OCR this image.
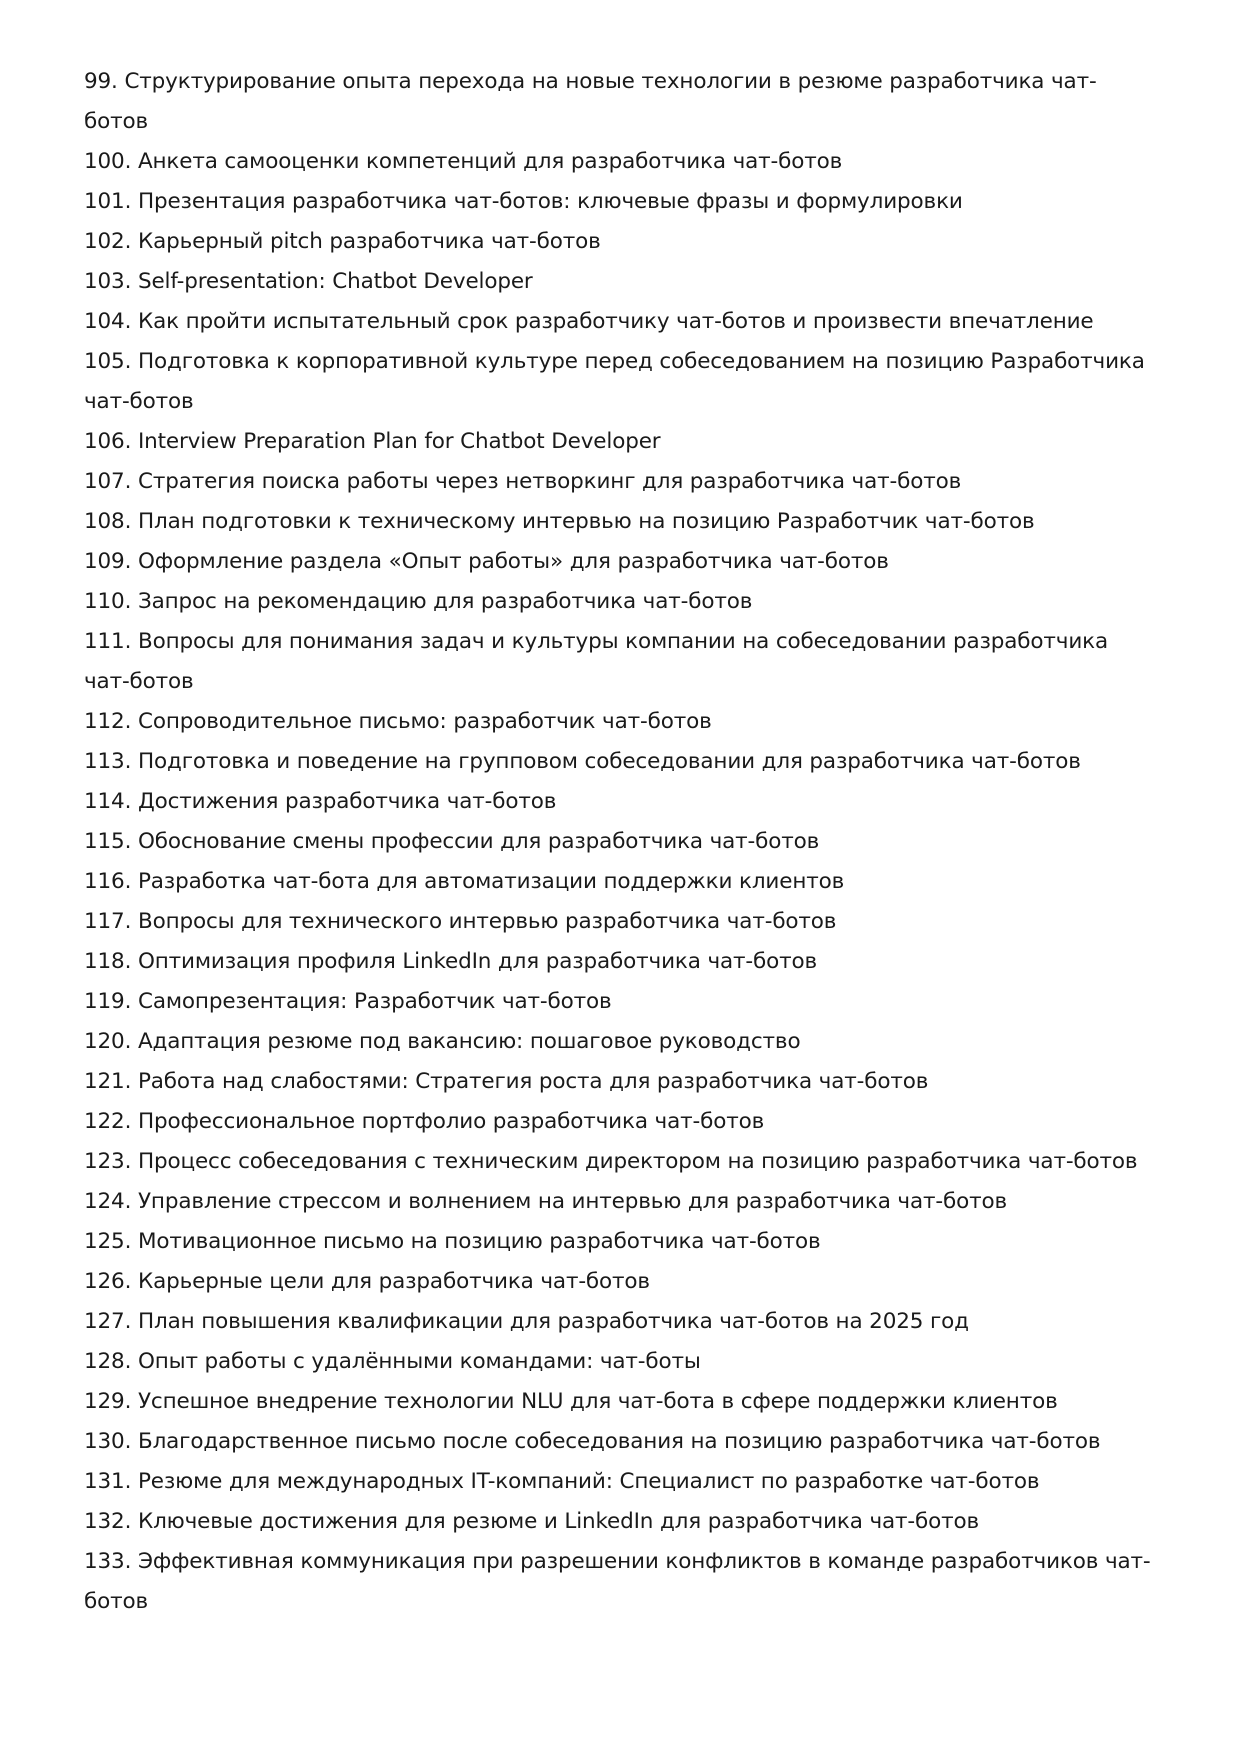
99. Структурирование опыта перехода на новые технологии в резюме разработчика чат-ботов
100. Анкета самооценки компетенций для разработчика чат-ботов
101. Презентация разработчика чат-ботов: ключевые фразы и формулировки
102. Карьерный pitch разработчика чат-ботов
103. Self-presentation: Chatbot Developer
104. Как пройти испытательный срок разработчику чат-ботов и произвести впечатление
105. Подготовка к корпоративной культуре перед собеседованием на позицию Разработчика чат-ботов
106. Interview Preparation Plan for Chatbot Developer
107. Стратегия поиска работы через нетворкинг для разработчика чат-ботов
108. План подготовки к техническому интервью на позицию Разработчик чат-ботов
109. Оформление раздела «Опыт работы» для разработчика чат-ботов
110. Запрос на рекомендацию для разработчика чат-ботов
111. Вопросы для понимания задач и культуры компании на собеседовании разработчика чат-ботов
112. Сопроводительное письмо: разработчик чат-ботов
113. Подготовка и поведение на групповом собеседовании для разработчика чат-ботов
114. Достижения разработчика чат-ботов
115. Обоснование смены профессии для разработчика чат-ботов
116. Разработка чат-бота для автоматизации поддержки клиентов
117. Вопросы для технического интервью разработчика чат-ботов
118. Оптимизация профиля LinkedIn для разработчика чат-ботов
119. Самопрезентация: Разработчик чат-ботов
120. Адаптация резюме под вакансию: пошаговое руководство
121. Работа над слабостями: Стратегия роста для разработчика чат-ботов
122. Профессиональное портфолио разработчика чат-ботов
123. Процесс собеседования с техническим директором на позицию разработчика чат-ботов
124. Управление стрессом и волнением на интервью для разработчика чат-ботов
125. Мотивационное письмо на позицию разработчика чат-ботов
126. Карьерные цели для разработчика чат-ботов
127. План повышения квалификации для разработчика чат-ботов на 2025 год
128. Опыт работы с удалёнными командами: чат-боты
129. Успешное внедрение технологии NLU для чат-бота в сфере поддержки клиентов
130. Благодарственное письмо после собеседования на позицию разработчика чат-ботов
131. Резюме для международных IT-компаний: Специалист по разработке чат-ботов
132. Ключевые достижения для резюме и LinkedIn для разработчика чат-ботов
133. Эффективная коммуникация при разрешении конфликтов в команде разработчиков чат-ботов
